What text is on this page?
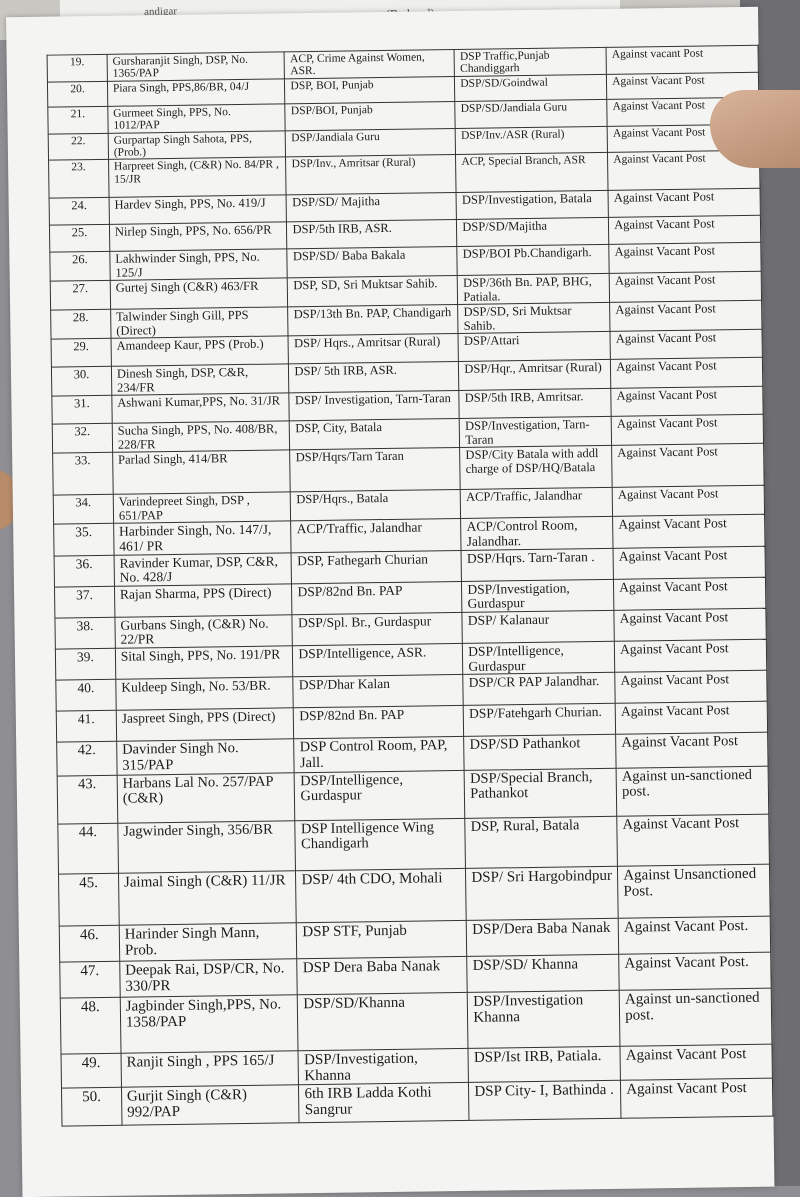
andigar
19.	Gursharanjit Singh, DSP, No. 1365/PAP	ACP, Crime Against Women, ASR.	DSP Traffic,Punjab Chandiggarh	Against vacant Post
20.	Piara Singh, PPS,86/BR, 04/J	DSP, BOI, Punjab	DSP/SD/Goindwal	Against Vacant Post
21.	Gurmeet Singh, PPS, No. 1012/PAP	DSP/BOI, Punjab	DSP/SD/Jandiala Guru	Against Vacant Post
22.	Gurpartap Singh Sahota, PPS, (Prob.)	DSP/Jandiala Guru	DSP/Inv./ASR (Rural)	Against Vacant Post
23.	Harpreet Singh, (C&R) No. 84/PR , 15/JR	DSP/Inv., Amritsar (Rural)	ACP, Special Branch, ASR	Against Vacant Post
24.	Hardev Singh, PPS, No. 419/J	DSP/SD/ Majitha	DSP/Investigation, Batala	Against Vacant Post
25.	Nirlep Singh, PPS, No. 656/PR	DSP/5th IRB, ASR.	DSP/SD/Majitha	Against Vacant Post
26.	Lakhwinder Singh, PPS, No. 125/J	DSP/SD/ Baba Bakala	DSP/BOI Pb.Chandigarh.	Against Vacant Post
27.	Gurtej Singh (C&R) 463/FR	DSP, SD, Sri Muktsar Sahib.	DSP/36th Bn. PAP, BHG, Patiala.	Against Vacant Post
28.	Talwinder Singh Gill, PPS (Direct)	DSP/13th Bn. PAP, Chandigarh	DSP/SD, Sri Muktsar Sahib.	Against Vacant Post
29.	Amandeep Kaur, PPS (Prob.)	DSP/ Hqrs., Amritsar (Rural)	DSP/Attari	Against Vacant Post
30.	Dinesh Singh, DSP, C&R, 234/FR	DSP/ 5th IRB, ASR.	DSP/Hqr., Amritsar (Rural)	Against Vacant Post
31.	Ashwani Kumar,PPS, No. 31/JR	DSP/ Investigation, Tarn-Taran	DSP/5th IRB, Amritsar.	Against Vacant Post
32.	Sucha Singh, PPS, No. 408/BR, 228/FR	DSP, City, Batala	DSP/Investigation, Tarn-Taran	Against Vacant Post
33.	Parlad Singh, 414/BR	DSP/Hqrs/Tarn Taran	DSP/City Batala with addl charge of DSP/HQ/Batala	Against Vacant Post
34.	Varindepreet Singh, DSP , 651/PAP	DSP/Hqrs., Batala	ACP/Traffic, Jalandhar	Against Vacant Post
35.	Harbinder Singh, No. 147/J, 461/ PR	ACP/Traffic, Jalandhar	ACP/Control Room, Jalandhar.	Against Vacant Post
36.	Ravinder Kumar, DSP, C&R, No. 428/J	DSP, Fathegarh Churian	DSP/Hqrs. Tarn-Taran .	Against Vacant Post
37.	Rajan Sharma, PPS (Direct)	DSP/82nd Bn. PAP	DSP/Investigation, Gurdaspur	Against Vacant Post
38.	Gurbans Singh, (C&R) No. 22/PR	DSP/Spl. Br., Gurdaspur	DSP/ Kalanaur	Against Vacant Post
39.	Sital Singh, PPS, No. 191/PR	DSP/Intelligence, ASR.	DSP/Intelligence, Gurdaspur	Against Vacant Post
40.	Kuldeep Singh, No. 53/BR.	DSP/Dhar Kalan	DSP/CR PAP Jalandhar.	Against Vacant Post
41.	Jaspreet Singh, PPS (Direct)	DSP/82nd Bn. PAP	DSP/Fatehgarh Churian.	Against Vacant Post
42.	Davinder Singh No. 315/PAP	DSP Control Room, PAP, Jall.	DSP/SD Pathankot	Against Vacant Post
43.	Harbans Lal No. 257/PAP (C&R)	DSP/Intelligence, Gurdaspur	DSP/Special Branch, Pathankot	Against un-sanctioned post.
44.	Jagwinder Singh, 356/BR	DSP Intelligence Wing Chandigarh	DSP, Rural, Batala	Against Vacant Post
45.	Jaimal Singh (C&R) 11/JR	DSP/ 4th CDO, Mohali	DSP/ Sri Hargobindpur	Against Unsanctioned Post.
46.	Harinder Singh Mann, Prob.	DSP STF, Punjab	DSP/Dera Baba Nanak	Against Vacant Post.
47.	Deepak Rai, DSP/CR, No. 330/PR	DSP Dera Baba Nanak	DSP/SD/ Khanna	Against Vacant Post.
48.	Jagbinder Singh,PPS, No. 1358/PAP	DSP/SD/Khanna	DSP/Investigation Khanna	Against un-sanctioned post.
49.	Ranjit Singh , PPS 165/J	DSP/Investigation, Khanna	DSP/Ist IRB, Patiala.	Against Vacant Post
50.	Gurjit Singh (C&R) 992/PAP	6th IRB Ladda Kothi Sangrur	DSP City- I, Bathinda .	Against Vacant Post
